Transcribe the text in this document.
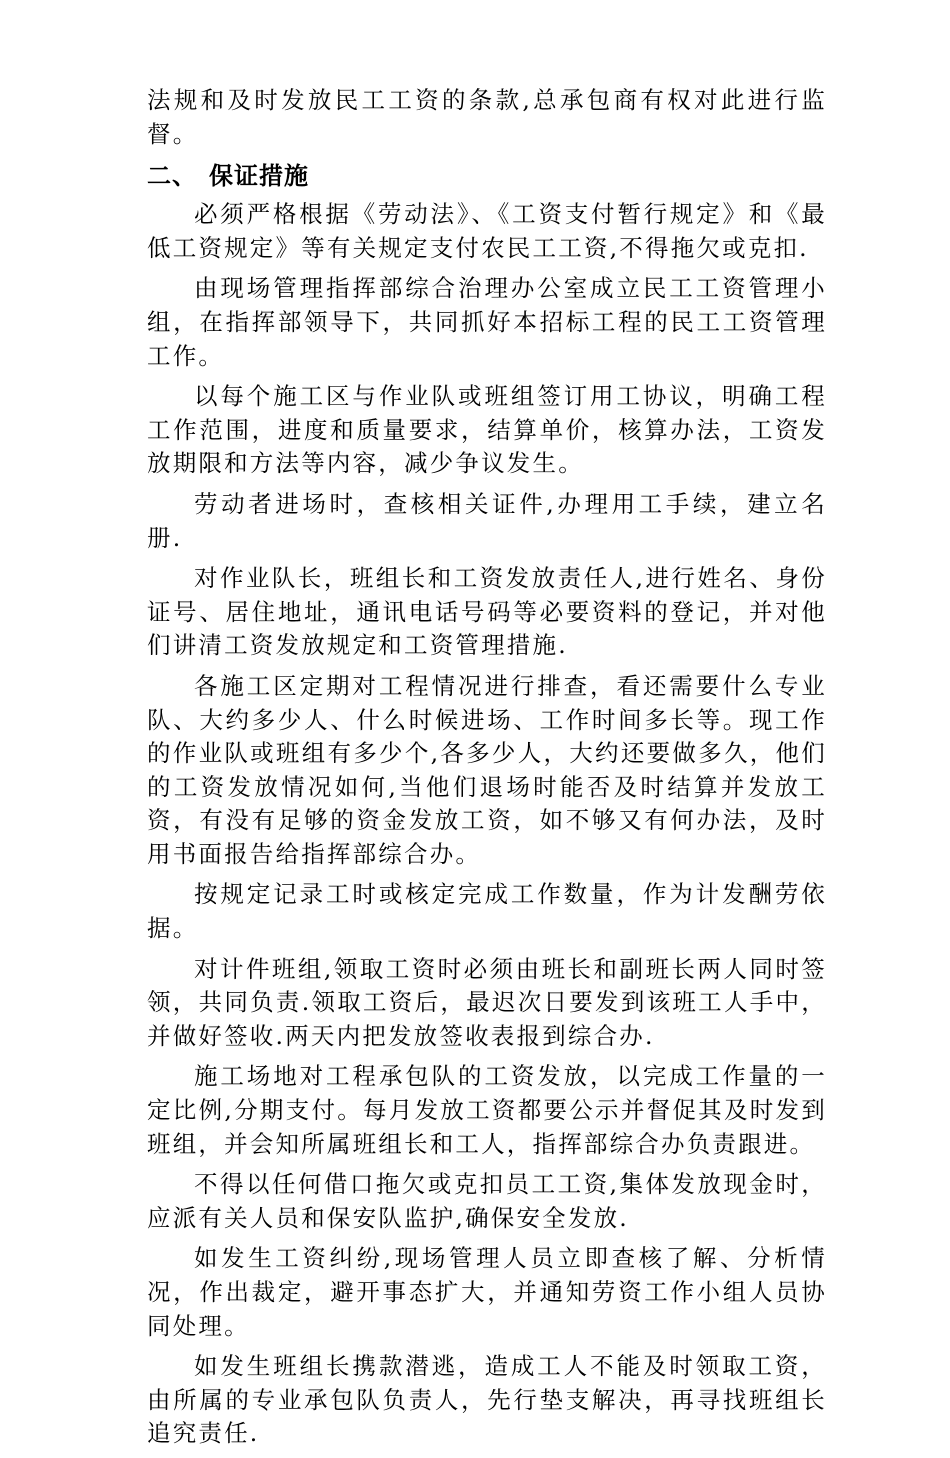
法规和及时发放民工工资的条款,总承包商有权对此进行监督。

二、 保证措施

必须严格根据《劳动法》、《工资支付暂行规定》和《最低工资规定》等有关规定支付农民工工资,不得拖欠或克扣.

由现场管理指挥部综合治理办公室成立民工工资管理小组，在指挥部领导下，共同抓好本招标工程的民工工资管理工作。

以每个施工区与作业队或班组签订用工协议，明确工程工作范围，进度和质量要求，结算单价，核算办法，工资发放期限和方法等内容，减少争议发生。

劳动者进场时，查核相关证件,办理用工手续，建立名册.

对作业队长，班组长和工资发放责任人,进行姓名、身份证号、居住地址，通讯电话号码等必要资料的登记，并对他们讲清工资发放规定和工资管理措施.

各施工区定期对工程情况进行排查，看还需要什么专业队、大约多少人、什么时候进场、工作时间多长等。现工作的作业队或班组有多少个,各多少人，大约还要做多久，他们的工资发放情况如何,当他们退场时能否及时结算并发放工资，有没有足够的资金发放工资，如不够又有何办法，及时用书面报告给指挥部综合办。

按规定记录工时或核定完成工作数量，作为计发酬劳依据。

对计件班组,领取工资时必须由班长和副班长两人同时签领，共同负责.领取工资后，最迟次日要发到该班工人手中，并做好签收.两天内把发放签收表报到综合办.

施工场地对工程承包队的工资发放，以完成工作量的一定比例,分期支付。每月发放工资都要公示并督促其及时发到班组，并会知所属班组长和工人，指挥部综合办负责跟进。

不得以任何借口拖欠或克扣员工工资,集体发放现金时，应派有关人员和保安队监护,确保安全发放.

如发生工资纠纷,现场管理人员立即查核了解、分析情况，作出裁定，避开事态扩大，并通知劳资工作小组人员协同处理。

如发生班组长携款潜逃，造成工人不能及时领取工资，由所属的专业承包队负责人，先行垫支解决，再寻找班组长追究责任.
